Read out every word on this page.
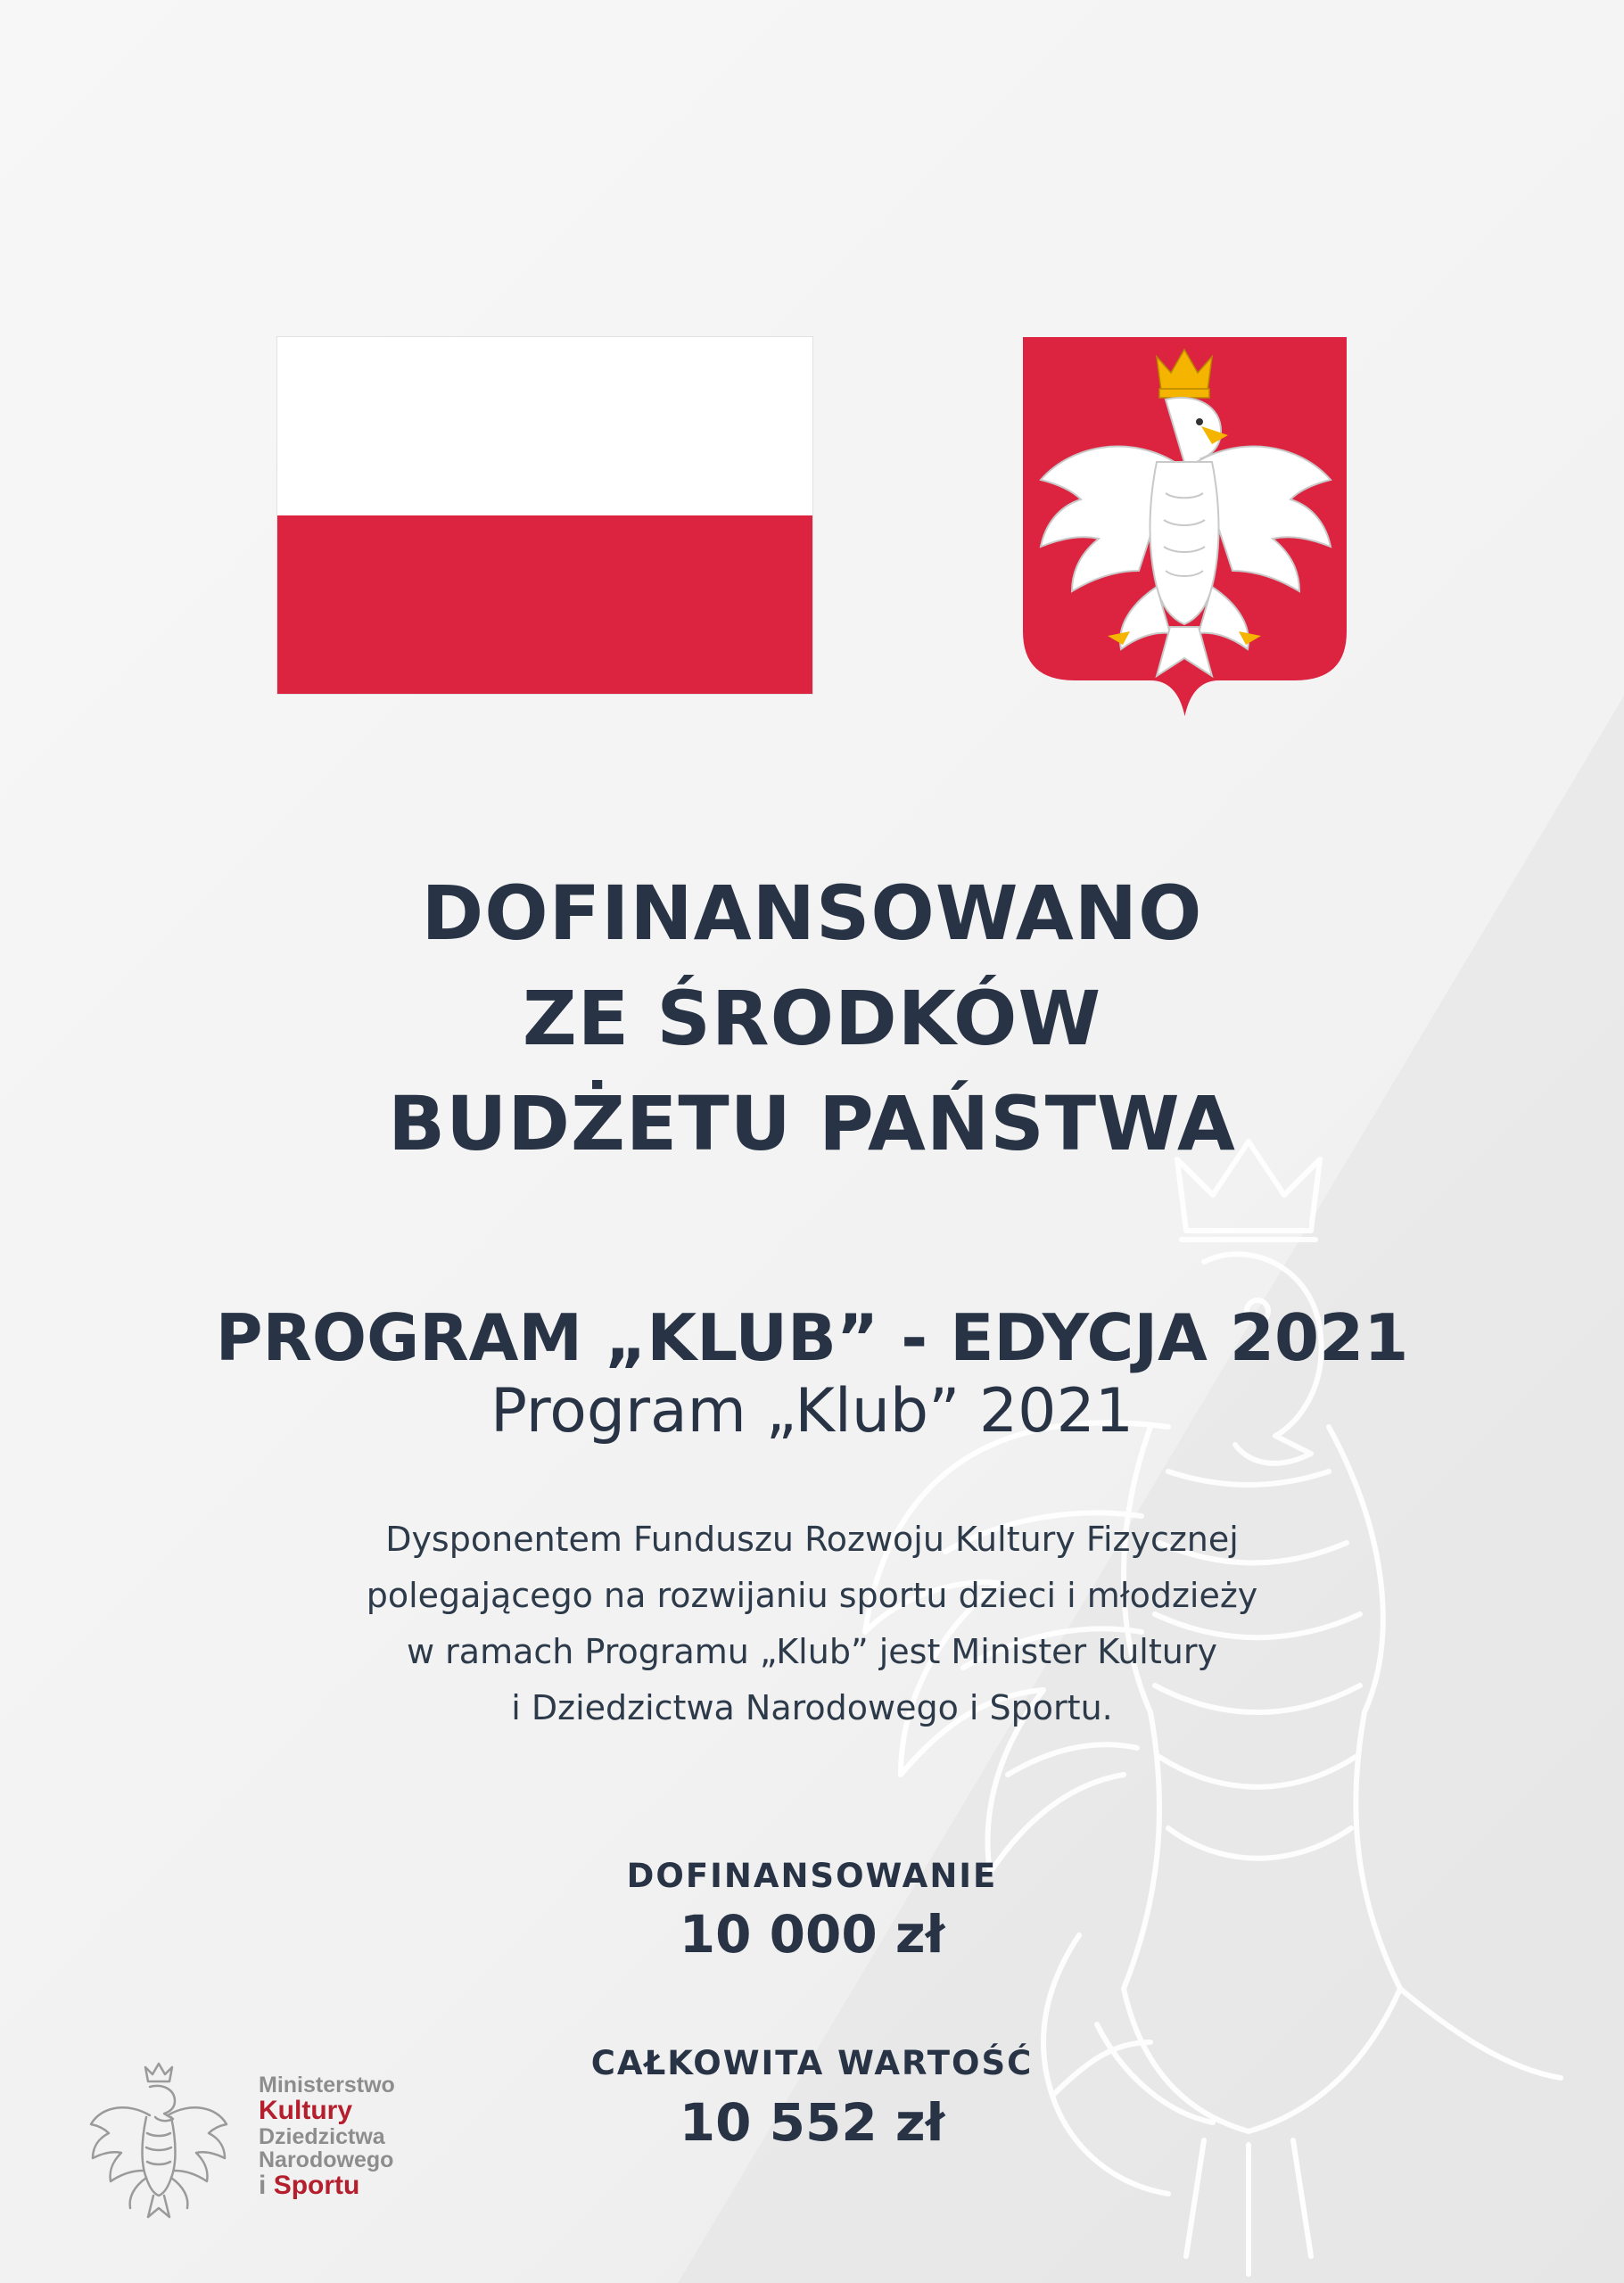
DOFINANSOWANO
ZE ŚRODKÓW
BUDŻETU PAŃSTWA
PROGRAM „KLUB” - EDYCJA 2021
Program „Klub” 2021
Dysponentem Funduszu Rozwoju Kultury Fizycznej
polegającego na rozwijaniu sportu dzieci i młodzieży
w ramach Programu „Klub” jest Minister Kultury
i Dziedzictwa Narodowego i Sportu.
DOFINANSOWANIE
10 000 zł
CAŁKOWITA WARTOŚĆ
10 552 zł
Ministerstwo
Kultury
Dziedzictwa
Narodowego
i Sportu
